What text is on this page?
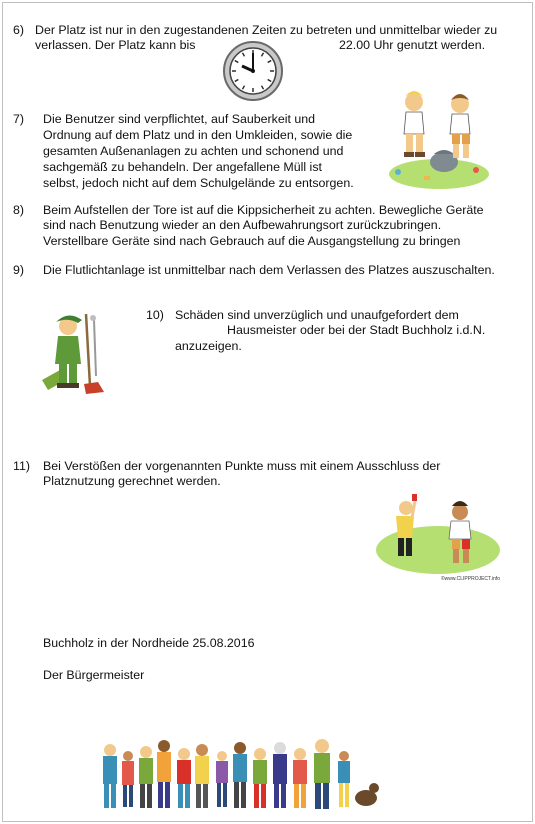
6) Der Platz ist nur in den zugestandenen Zeiten zu betreten und unmittelbar wieder zu
verlassen. Der Platz kann bis	22.00 Uhr genutzt werden.
7) Die Benutzer sind verpflichtet, auf Sauberkeit und
Ordnung auf dem Platz und in den Umkleiden, sowie die
gesamten Außenanlagen zu achten und schonend und
sachgemäß zu behandeln. Der angefallene Müll ist
selbst, jedoch nicht auf dem Schulgelände zu entsorgen.
8) Beim Aufstellen der Tore ist auf die Kippsicherheit zu achten. Bewegliche Geräte
sind nach Benutzung wieder an den Aufbewahrungsort zurückzubringen.
Verstellbare Geräte sind nach Gebrauch auf die Ausgangstellung zu bringen
9) Die Flutlichtanlage ist unmittelbar nach dem Verlassen des Platzes auszuschalten.
10) Schäden sind unverzüglich und unaufgefordert dem
Hausmeister oder bei der Stadt Buchholz i.d.N.
anzuzeigen.
11) Bei Verstößen der vorgenannten Punkte muss mit einem Ausschluss der
Platznutzung gerechnet werden.
©www.CLIPPROJECT.info
Buchholz in der Nordheide 25.08.2016
Der Bürgermeister
